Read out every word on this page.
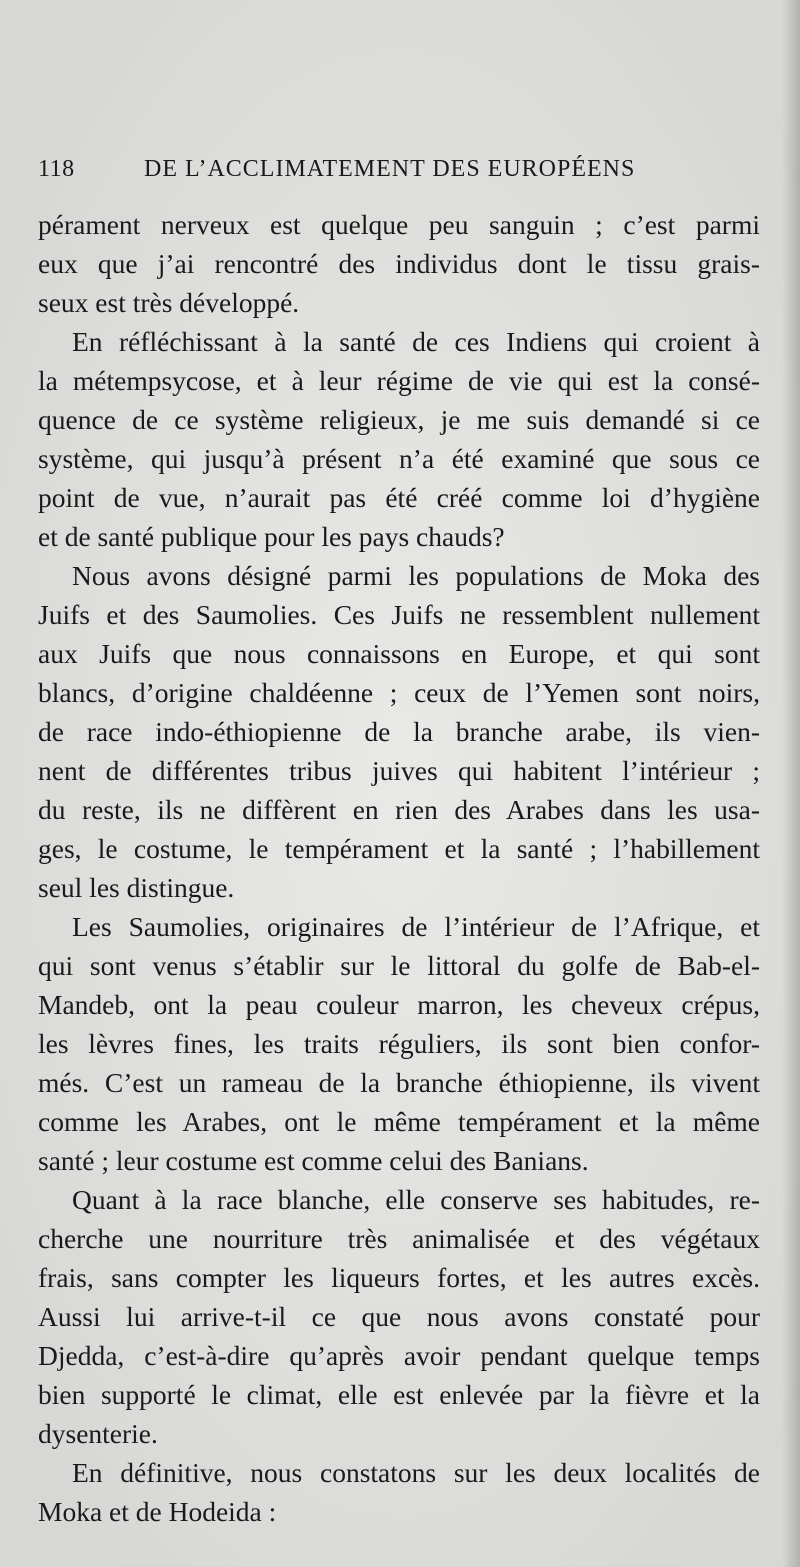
118	DE L’ACCLIMATEMENT DES EUROPÉENS
pérament nerveux est quelque peu sanguin ; c’est parmi
eux que j’ai rencontré des individus dont le tissu grais-
seux est très développé.
En réfléchissant à la santé de ces Indiens qui croient à
la métempsycose, et à leur régime de vie qui est la consé-
quence de ce système religieux, je me suis demandé si ce
système, qui jusqu’à présent n’a été examiné que sous ce
point de vue, n’aurait pas été créé comme loi d’hygiène
et de santé publique pour les pays chauds?
Nous avons désigné parmi les populations de Moka des
Juifs et des Saumolies. Ces Juifs ne ressemblent nullement
aux Juifs que nous connaissons en Europe, et qui sont
blancs, d’origine chaldéenne ; ceux de l’Yemen sont noirs,
de race indo-éthiopienne de la branche arabe, ils vien-
nent de différentes tribus juives qui habitent l’intérieur ;
du reste, ils ne diffèrent en rien des Arabes dans les usa-
ges, le costume, le tempérament et la santé ; l’habillement
seul les distingue.
Les Saumolies, originaires de l’intérieur de l’Afrique, et
qui sont venus s’établir sur le littoral du golfe de Bab-el-
Mandeb, ont la peau couleur marron, les cheveux crépus,
les lèvres fines, les traits réguliers, ils sont bien confor-
més. C’est un rameau de la branche éthiopienne, ils vivent
comme les Arabes, ont le même tempérament et la même
santé ; leur costume est comme celui des Banians.
Quant à la race blanche, elle conserve ses habitudes, re-
cherche une nourriture très animalisée et des végétaux
frais, sans compter les liqueurs fortes, et les autres excès.
Aussi lui arrive-t-il ce que nous avons constaté pour
Djedda, c’est-à-dire qu’après avoir pendant quelque temps
bien supporté le climat, elle est enlevée par la fièvre et la
dysenterie.
En définitive, nous constatons sur les deux localités de
Moka et de Hodeida :
